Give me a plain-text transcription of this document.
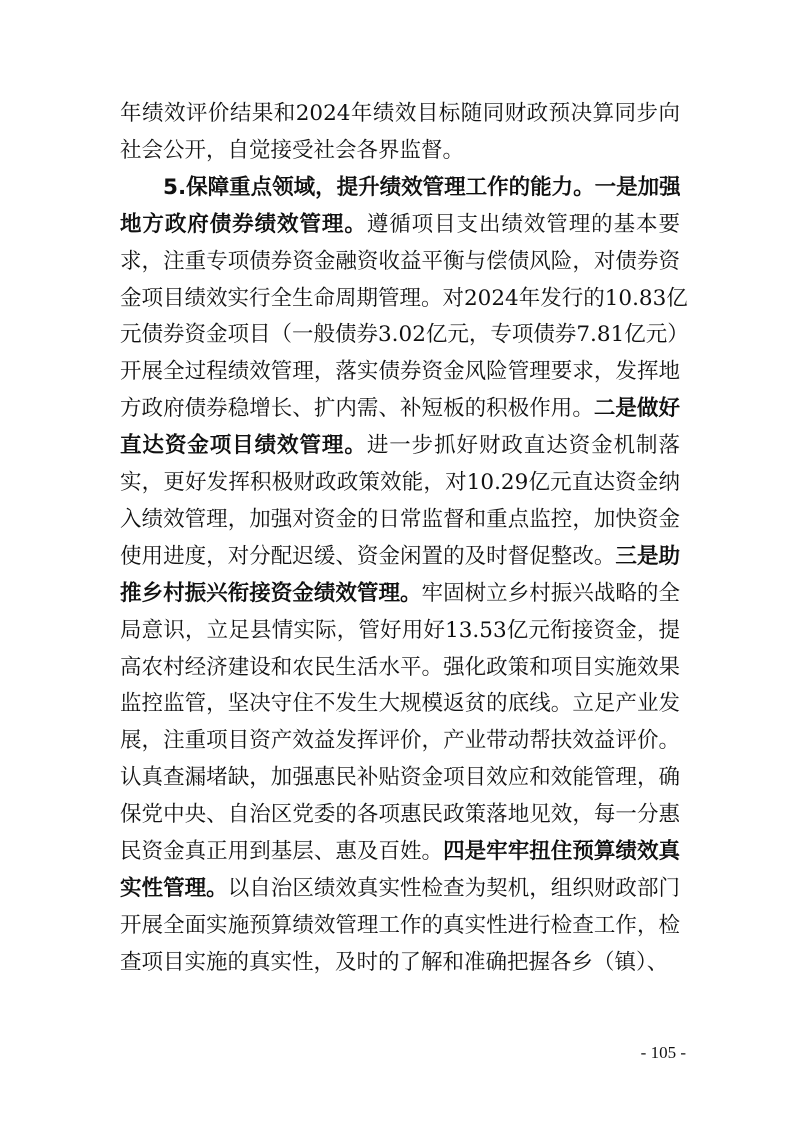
年绩效评价结果和2024年绩效目标随同财政预决算同步向
社会公开，自觉接受社会各界监督。
5.保障重点领域，提升绩效管理工作的能力。一是加强
地方政府债券绩效管理。遵循项目支出绩效管理的基本要
求，注重专项债券资金融资收益平衡与偿债风险，对债券资
金项目绩效实行全生命周期管理。对2024年发行的10.83亿
元债券资金项目（一般债券3.02亿元，专项债券7.81亿元）
开展全过程绩效管理，落实债券资金风险管理要求，发挥地
方政府债券稳增长、扩内需、补短板的积极作用。二是做好
直达资金项目绩效管理。进一步抓好财政直达资金机制落
实，更好发挥积极财政政策效能，对10.29亿元直达资金纳
入绩效管理，加强对资金的日常监督和重点监控，加快资金
使用进度，对分配迟缓、资金闲置的及时督促整改。三是助
推乡村振兴衔接资金绩效管理。牢固树立乡村振兴战略的全
局意识，立足县情实际，管好用好13.53亿元衔接资金，提
高农村经济建设和农民生活水平。强化政策和项目实施效果
监控监管，坚决守住不发生大规模返贫的底线。立足产业发
展，注重项目资产效益发挥评价，产业带动帮扶效益评价。
认真查漏堵缺，加强惠民补贴资金项目效应和效能管理，确
保党中央、自治区党委的各项惠民政策落地见效，每一分惠
民资金真正用到基层、惠及百姓。四是牢牢扭住预算绩效真
实性管理。以自治区绩效真实性检查为契机，组织财政部门
开展全面实施预算绩效管理工作的真实性进行检查工作，检
查项目实施的真实性，及时的了解和准确把握各乡（镇）、
- 105 -
